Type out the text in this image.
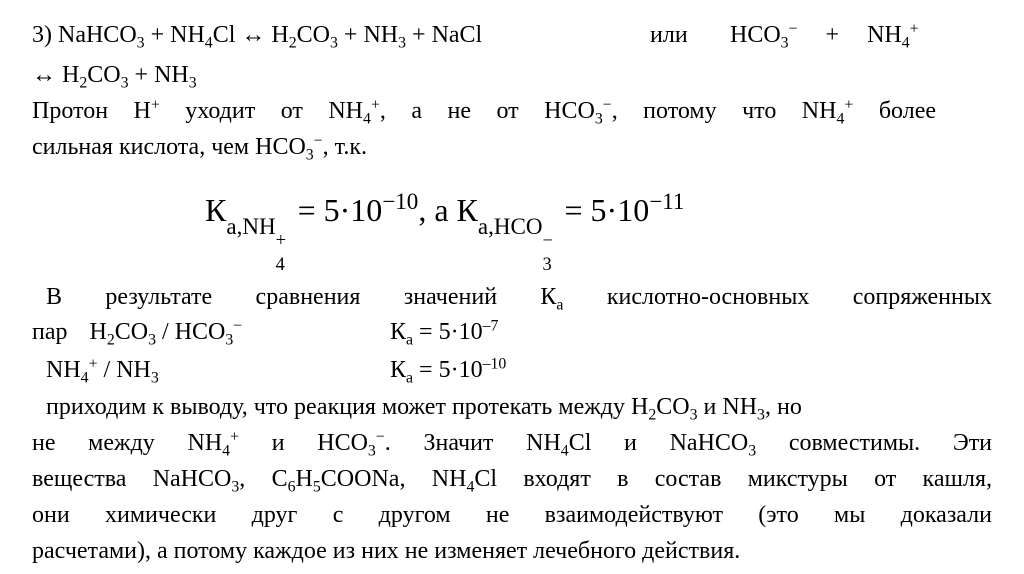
3) NaHCO$_3$ + $NH_4Cl$ ↔ $H_2CO_3 + NH_3$ + NaCl	или $HCO_3^- + NH_4^+$
↔ $H_2CO_3 + NH_3$
Протон Н+ уходит от $NH_4^+$, а не от $HCO_3^-$, потому что $NH_4^+$ более
сильная кислота, чем $HCO_3^-$, т.к.
$К_{а,NH + 4}$
= $5\cdot 10^{-10}$, а $К_{а,HCO - 3}$
= $5\cdot 10^{-11}$
В результате сравнения значений $К_а$ кислотно-основных сопряженных
пар $H_2CO_3 / HCO_3^-$	$К_а = 5\cdot 10^{-7}$
$NH_4^+ / NH_3$	$К_а = 5\cdot 10^{-10}$
приходим к выводу, что реакция может протекать между $H_2CO_3$ и $NH_3$, но
не между $NH_4^+$ и $HCO_3^-$. Значит $NH_4Cl$ и NaHCO$_3$ совместимы. Эти
вещества NaHCO$_3$, $C_6H_5COONa$, $NH_4Cl$ входят в состав микстуры от кашля,
они химически друг с другом не взаимодействуют (это мы доказали
расчетами), а потому каждое из них не изменяет лечебного действия.
